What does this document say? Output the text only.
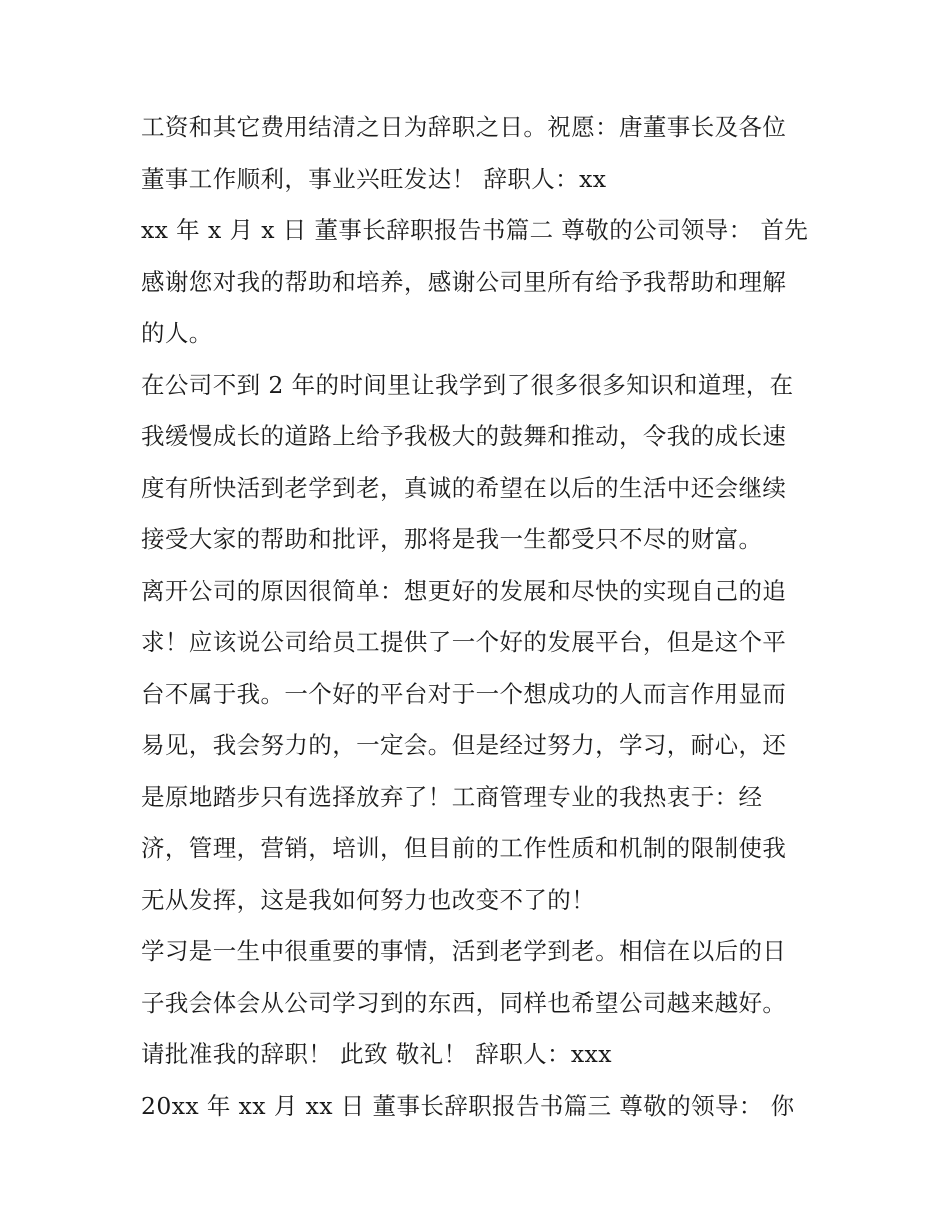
工资和其它费用结清之日为辞职之日。祝愿：唐董事长及各位
董事工作顺利，事业兴旺发达！ 辞职人：xx
xx 年 x 月 x 日 董事长辞职报告书篇二 尊敬的公司领导： 首先
感谢您对我的帮助和培养，感谢公司里所有给予我帮助和理解
的人。
在公司不到 2 年的时间里让我学到了很多很多知识和道理，在
我缓慢成长的道路上给予我极大的鼓舞和推动，令我的成长速
度有所快活到老学到老，真诚的希望在以后的生活中还会继续
接受大家的帮助和批评，那将是我一生都受只不尽的财富。
离开公司的原因很简单：想更好的发展和尽快的实现自己的追
求！应该说公司给员工提供了一个好的发展平台，但是这个平
台不属于我。一个好的平台对于一个想成功的人而言作用显而
易见，我会努力的，一定会。但是经过努力，学习，耐心，还
是原地踏步只有选择放弃了！工商管理专业的我热衷于：经
济，管理，营销，培训，但目前的工作性质和机制的限制使我
无从发挥，这是我如何努力也改变不了的！
学习是一生中很重要的事情，活到老学到老。相信在以后的日
子我会体会从公司学习到的东西，同样也希望公司越来越好。
请批准我的辞职！ 此致 敬礼！ 辞职人：xxx
20xx 年 xx 月 xx 日 董事长辞职报告书篇三 尊敬的领导： 你
